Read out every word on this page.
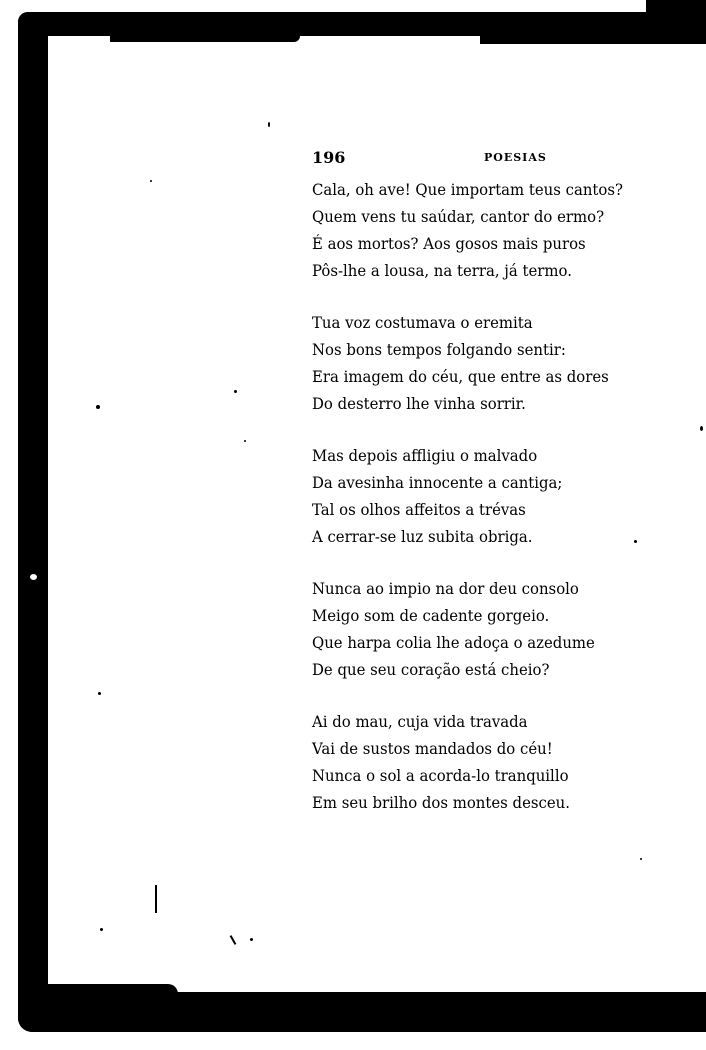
196	POESIAS
Cala, oh ave! Que importam teus cantos?
Quem vens tu saúdar, cantor do ermo?
É aos mortos? Aos gosos mais puros
Pôs-lhe a lousa, na terra, já termo.
Tua voz costumava o eremita
Nos bons tempos folgando sentir:
Era imagem do céu, que entre as dores
Do desterro lhe vinha sorrir.
Mas depois affligiu o malvado
Da avesinha innocente a cantiga;
Tal os olhos affeitos a trévas
A cerrar-se luz subita obriga.
Nunca ao impio na dor deu consolo
Meigo som de cadente gorgeio.
Que harpa colia lhe adoça o azedume
De que seu coração está cheio?
Ai do mau, cuja vida travada
Vai de sustos mandados do céu!
Nunca o sol a acorda-lo tranquillo
Em seu brilho dos montes desceu.
